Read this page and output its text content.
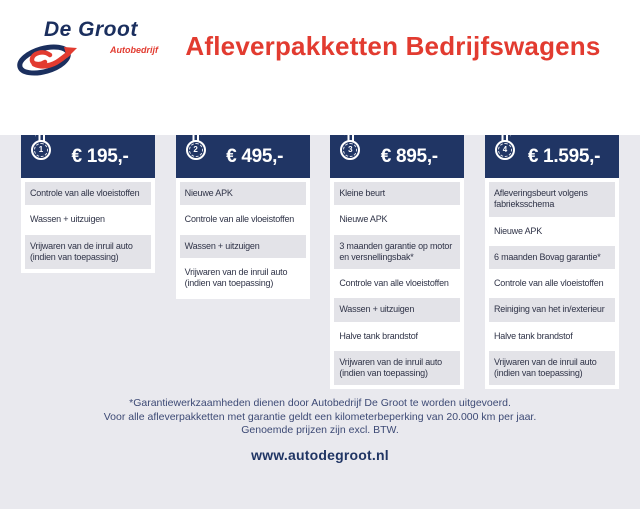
De Groot
Autobedrijf	Afleverpakketten Bedrijfswagens
1	€ 195,-
Controle van alle vloeistoffen
Wassen + uitzuigen
Vrijwaren van de inruil auto (indien van toepassing)
2	€ 495,-
Nieuwe APK
Controle van alle vloeistoffen
Wassen + uitzuigen
Vrijwaren van de inruil auto (indien van toepassing)
3	€ 895,-
Kleine beurt
Nieuwe APK
3 maanden garantie op motor en versnellingsbak*
Controle van alle vloeistoffen
Wassen + uitzuigen
Halve tank brandstof
Vrijwaren van de inruil auto (indien van toepassing)
4	€ 1.595,-
Afleveringsbeurt volgens fabrieksschema
Nieuwe APK
6 maanden Bovag garantie*
Controle van alle vloeistoffen
Reiniging van het in/exterieur
Halve tank brandstof
Vrijwaren van de inruil auto (indien van toepassing)
*Garantiewerkzaamheden dienen door Autobedrijf De Groot te worden uitgevoerd.
Voor alle afleverpakketten met garantie geldt een kilometerbeperking van 20.000 km per jaar.
Genoemde prijzen zijn excl. BTW.
www.autodegroot.nl
